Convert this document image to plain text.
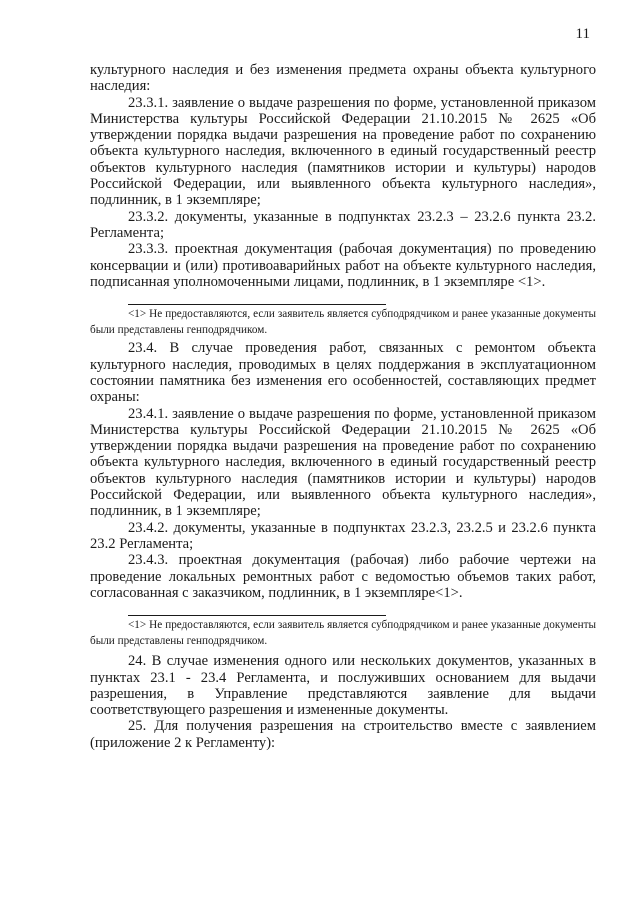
11

культурного наследия и без изменения предмета охраны объекта культурного наследия:

23.3.1. заявление о выдаче разрешения по форме, установленной приказом Министерства культуры Российской Федерации 21.10.2015 № 2625 «Об утверждении порядка выдачи разрешения на проведение работ по сохранению объекта культурного наследия, включенного в единый государственный реестр объектов культурного наследия (памятников истории и культуры) народов Российской Федерации, или выявленного объекта культурного наследия», подлинник, в 1 экземпляре;

23.3.2. документы, указанные в подпунктах 23.2.3 – 23.2.6 пункта 23.2. Регламента;

23.3.3. проектная документация (рабочая документация) по проведению консервации и (или) противоаварийных работ на объекте культурного наследия, подписанная уполномоченными лицами, подлинник, в 1 экземпляре <1>.

<1> Не предоставляются, если заявитель является субподрядчиком и ранее указанные документы были представлены генподрядчиком.

23.4. В случае проведения работ, связанных с ремонтом объекта культурного наследия, проводимых в целях поддержания в эксплуатационном состоянии памятника без изменения его особенностей, составляющих предмет охраны:

23.4.1. заявление о выдаче разрешения по форме, установленной приказом Министерства культуры Российской Федерации 21.10.2015 № 2625 «Об утверждении порядка выдачи разрешения на проведение работ по сохранению объекта культурного наследия, включенного в единый государственный реестр объектов культурного наследия (памятников истории и культуры) народов Российской Федерации, или выявленного объекта культурного наследия», подлинник, в 1 экземпляре;

23.4.2. документы, указанные в подпунктах 23.2.3, 23.2.5 и 23.2.6 пункта 23.2 Регламента;

23.4.3. проектная документация (рабочая) либо рабочие чертежи на проведение локальных ремонтных работ с ведомостью объемов таких работ, согласованная с заказчиком, подлинник, в 1 экземпляре<1>.

<1> Не предоставляются, если заявитель является субподрядчиком и ранее указанные документы были представлены генподрядчиком.

24. В случае изменения одного или нескольких документов, указанных в пунктах 23.1 - 23.4 Регламента, и послуживших основанием для выдачи разрешения, в Управление представляются заявление для выдачи соответствующего разрешения и измененные документы.

25. Для получения разрешения на строительство вместе с заявлением (приложение 2 к Регламенту):
